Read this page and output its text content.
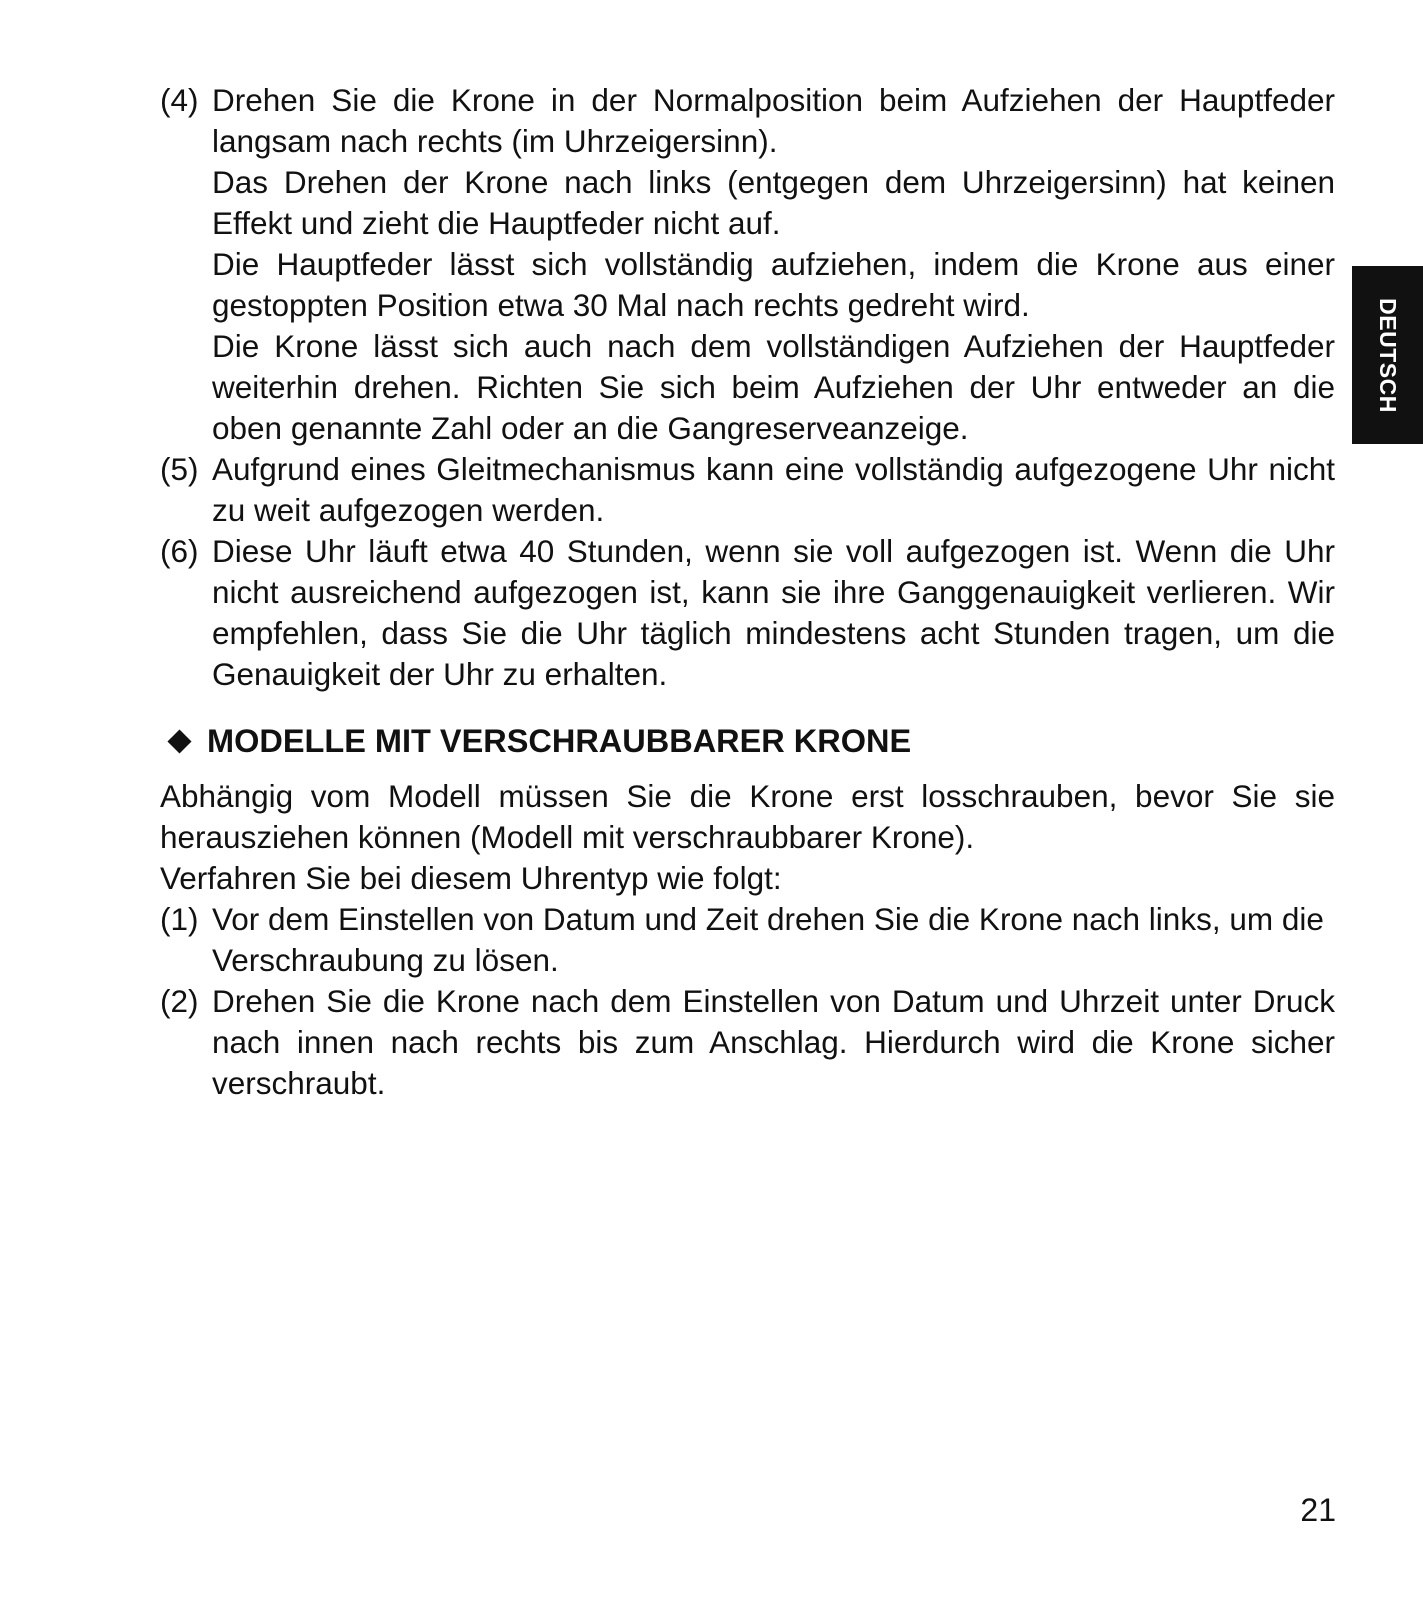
(4) Drehen Sie die Krone in der Normalposition beim Aufziehen der Hauptfeder langsam nach rechts (im Uhrzeigersinn).
Das Drehen der Krone nach links (entgegen dem Uhrzeigersinn) hat keinen Effekt und zieht die Hauptfeder nicht auf.
Die Hauptfeder lässt sich vollständig aufziehen, indem die Krone aus einer gestoppten Position etwa 30 Mal nach rechts gedreht wird.
Die Krone lässt sich auch nach dem vollständigen Aufziehen der Hauptfeder weiterhin drehen. Richten Sie sich beim Aufziehen der Uhr entweder an die oben genannte Zahl oder an die Gangreserveanzeige.
(5) Aufgrund eines Gleitmechanismus kann eine vollständig aufgezogene Uhr nicht zu weit aufgezogen werden.
(6) Diese Uhr läuft etwa 40 Stunden, wenn sie voll aufgezogen ist. Wenn die Uhr nicht ausreichend aufgezogen ist, kann sie ihre Ganggenauigkeit verlieren. Wir empfehlen, dass Sie die Uhr täglich mindestens acht Stunden tragen, um die Genauigkeit der Uhr zu erhalten.
MODELLE MIT VERSCHRAUBBARER KRONE
Abhängig vom Modell müssen Sie die Krone erst losschrauben, bevor Sie sie herausziehen können (Modell mit verschraubbarer Krone).
Verfahren Sie bei diesem Uhrentyp wie folgt:
(1) Vor dem Einstellen von Datum und Zeit drehen Sie die Krone nach links, um die Verschraubung zu lösen.
(2) Drehen Sie die Krone nach dem Einstellen von Datum und Uhrzeit unter Druck nach innen nach rechts bis zum Anschlag. Hierdurch wird die Krone sicher verschraubt.
DEUTSCH
21
